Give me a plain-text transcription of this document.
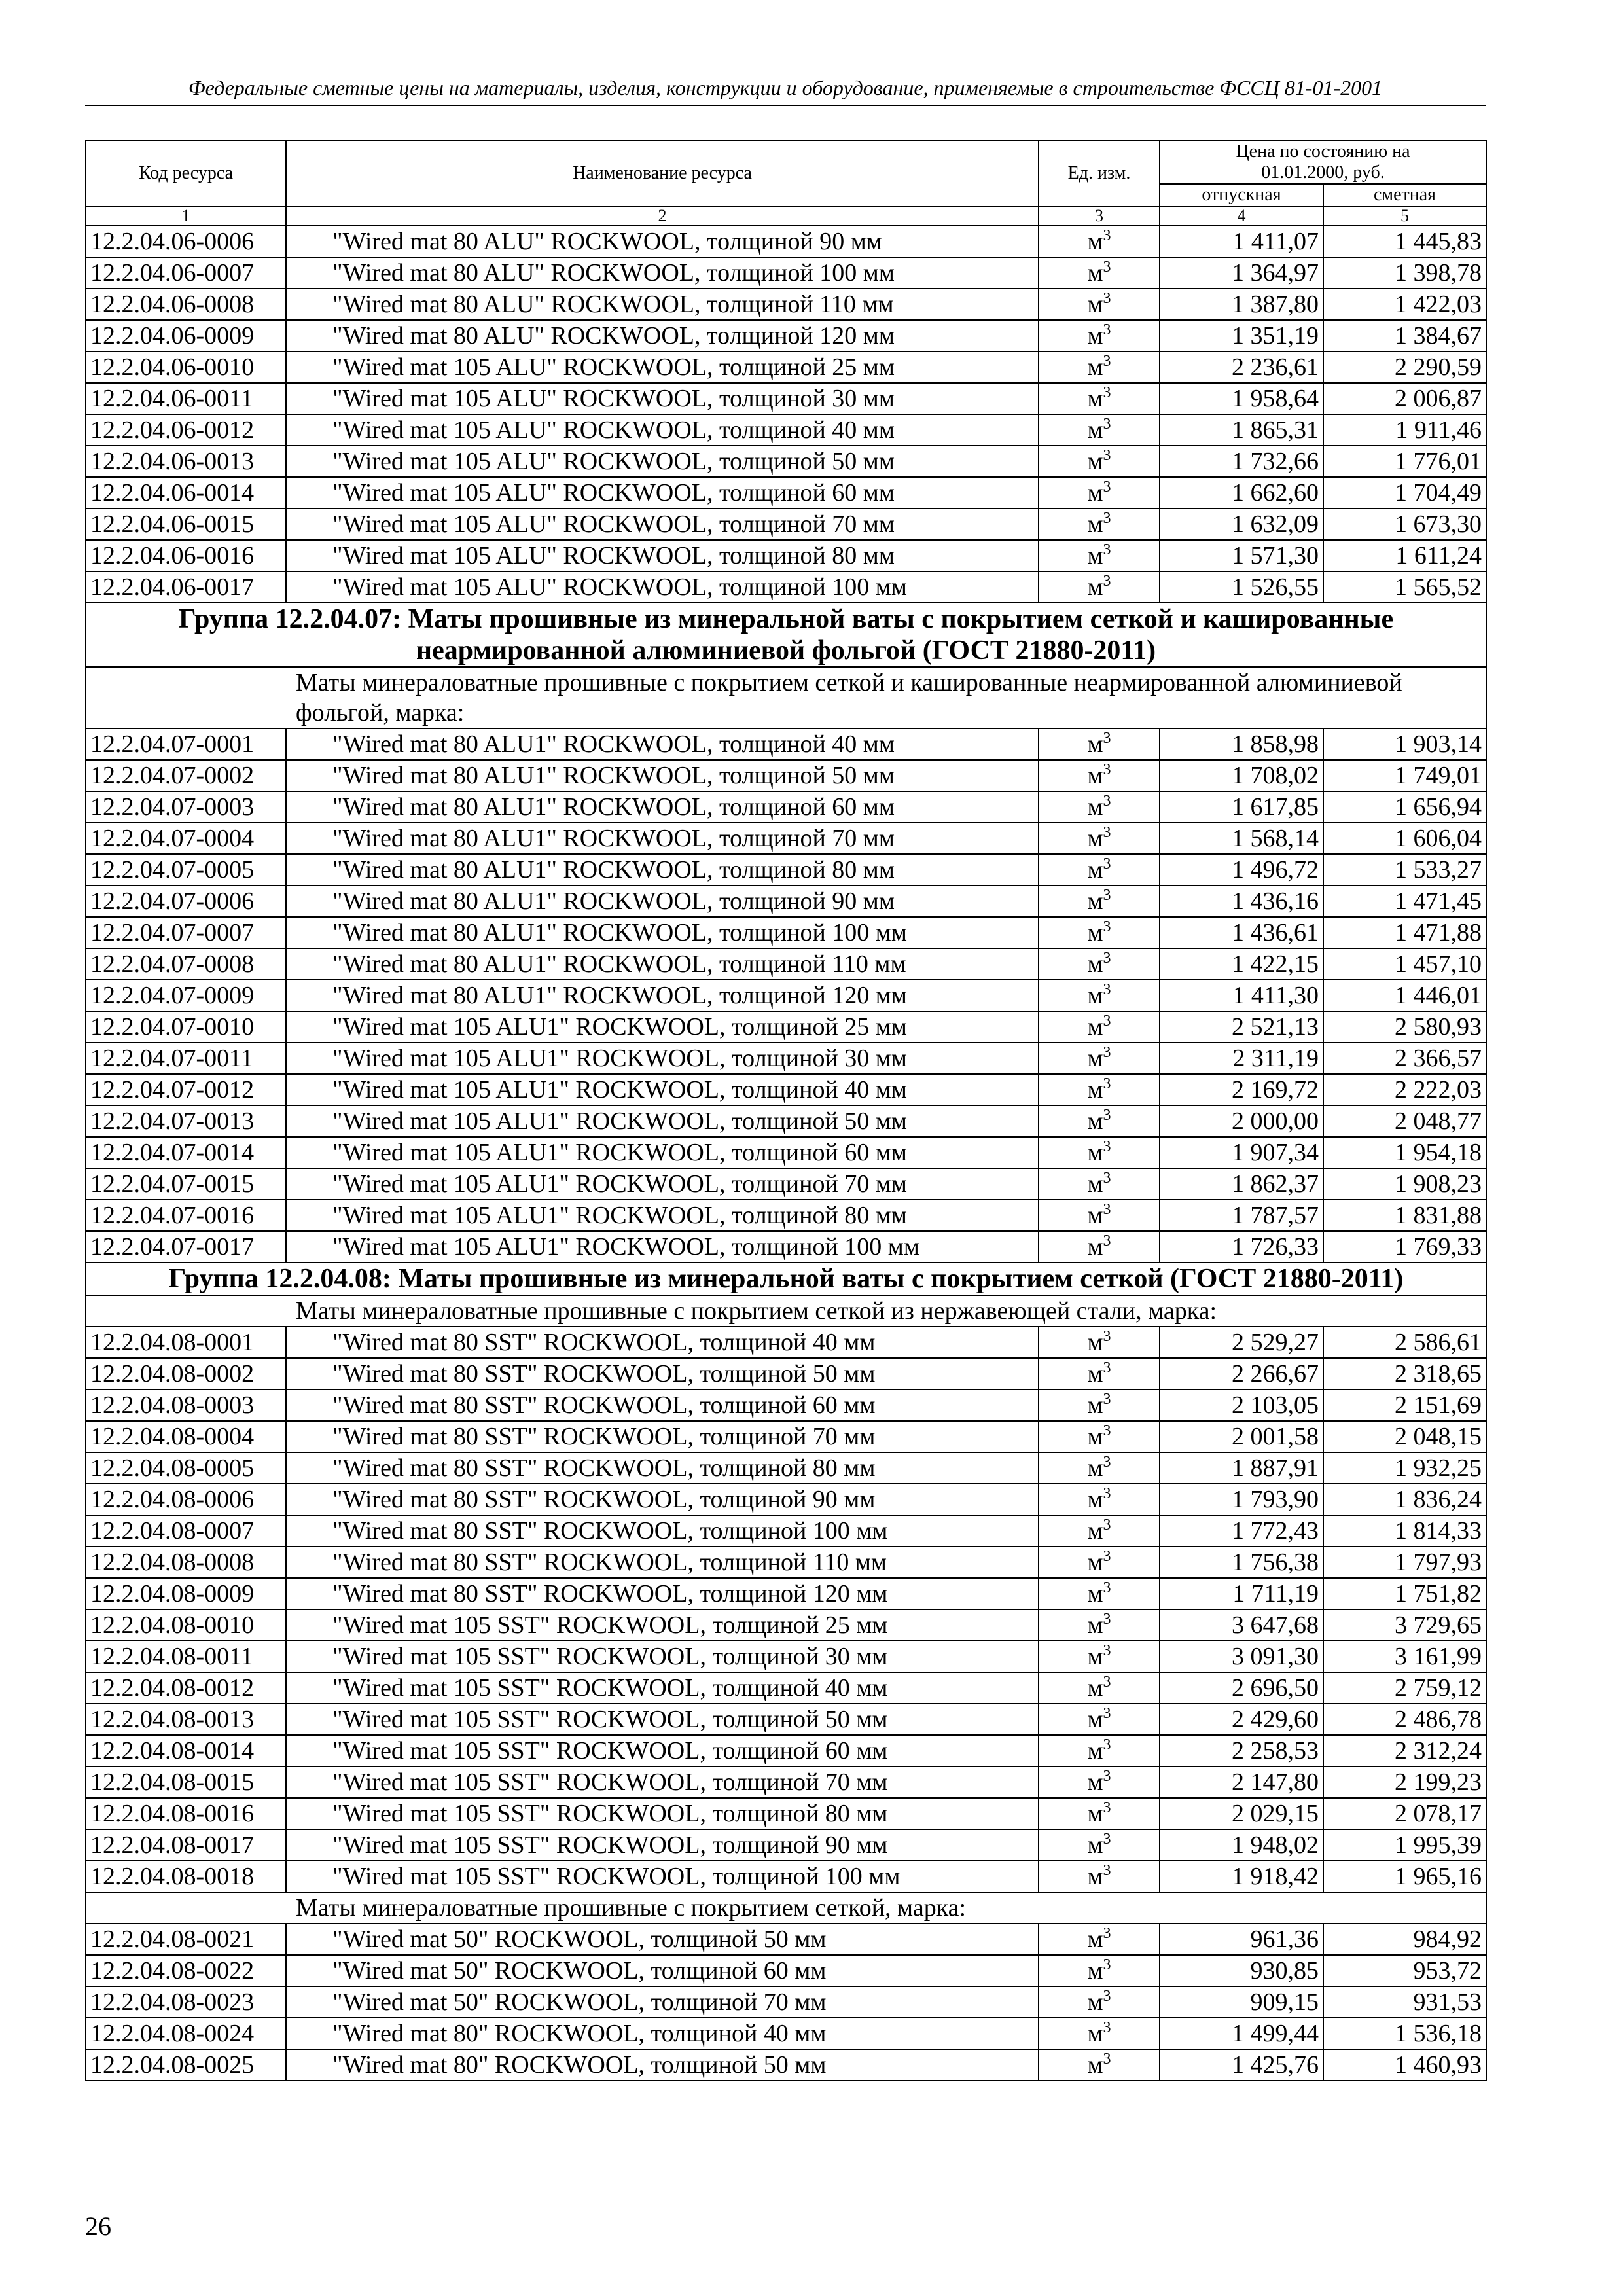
Федеральные сметные цены на материалы, изделия, конструкции и оборудование, применяемые в строительстве ФССЦ 81-01-2001
Код ресурса	Наименование ресурса	Ед. изм.	Цена по состоянию на 01.01.2000, руб.	
			отпускная	сметная
1	2	3	4	5
12.2.04.06-0006	"Wired mat 80 ALU" ROCKWOOL, толщиной 90 мм	$м^3$	1 411,07	1 445,83
12.2.04.06-0007	"Wired mat 80 ALU" ROCKWOOL, толщиной 100 мм	$м^3$	1 364,97	1 398,78
12.2.04.06-0008	"Wired mat 80 ALU" ROCKWOOL, толщиной 110 мм	$м^3$	1 387,80	1 422,03
12.2.04.06-0009	"Wired mat 80 ALU" ROCKWOOL, толщиной 120 мм	$м^3$	1 351,19	1 384,67
12.2.04.06-0010	"Wired mat 105 ALU" ROCKWOOL, толщиной 25 мм	$м^3$	2 236,61	2 290,59
12.2.04.06-0011	"Wired mat 105 ALU" ROCKWOOL, толщиной 30 мм	$м^3$	1 958,64	2 006,87
12.2.04.06-0012	"Wired mat 105 ALU" ROCKWOOL, толщиной 40 мм	$м^3$	1 865,31	1 911,46
12.2.04.06-0013	"Wired mat 105 ALU" ROCKWOOL, толщиной 50 мм	$м^3$	1 732,66	1 776,01
12.2.04.06-0014	"Wired mat 105 ALU" ROCKWOOL, толщиной 60 мм	$м^3$	1 662,60	1 704,49
12.2.04.06-0015	"Wired mat 105 ALU" ROCKWOOL, толщиной 70 мм	$м^3$	1 632,09	1 673,30
12.2.04.06-0016	"Wired mat 105 ALU" ROCKWOOL, толщиной 80 мм	$м^3$	1 571,30	1 611,24
12.2.04.06-0017	"Wired mat 105 ALU" ROCKWOOL, толщиной 100 мм	$м^3$	1 526,55	1 565,52
Группа 12.2.04.07: Маты прошивные из минеральной ваты с покрытием сеткой и кашированные неармированной алюминиевой фольгой (ГОСТ 21880-2011)				
Маты минераловатные прошивные с покрытием сеткой и кашированные неармированной алюминиевой фольгой, марка:				
12.2.04.07-0001	"Wired mat 80 ALU1" ROCKWOOL, толщиной 40 мм	$м^3$	1 858,98	1 903,14
12.2.04.07-0002	"Wired mat 80 ALU1" ROCKWOOL, толщиной 50 мм	$м^3$	1 708,02	1 749,01
12.2.04.07-0003	"Wired mat 80 ALU1" ROCKWOOL, толщиной 60 мм	$м^3$	1 617,85	1 656,94
12.2.04.07-0004	"Wired mat 80 ALU1" ROCKWOOL, толщиной 70 мм	$м^3$	1 568,14	1 606,04
12.2.04.07-0005	"Wired mat 80 ALU1" ROCKWOOL, толщиной 80 мм	$м^3$	1 496,72	1 533,27
12.2.04.07-0006	"Wired mat 80 ALU1" ROCKWOOL, толщиной 90 мм	$м^3$	1 436,16	1 471,45
12.2.04.07-0007	"Wired mat 80 ALU1" ROCKWOOL, толщиной 100 мм	$м^3$	1 436,61	1 471,88
12.2.04.07-0008	"Wired mat 80 ALU1" ROCKWOOL, толщиной 110 мм	$м^3$	1 422,15	1 457,10
12.2.04.07-0009	"Wired mat 80 ALU1" ROCKWOOL, толщиной 120 мм	$м^3$	1 411,30	1 446,01
12.2.04.07-0010	"Wired mat 105 ALU1" ROCKWOOL, толщиной 25 мм	$м^3$	2 521,13	2 580,93
12.2.04.07-0011	"Wired mat 105 ALU1" ROCKWOOL, толщиной 30 мм	$м^3$	2 311,19	2 366,57
12.2.04.07-0012	"Wired mat 105 ALU1" ROCKWOOL, толщиной 40 мм	$м^3$	2 169,72	2 222,03
12.2.04.07-0013	"Wired mat 105 ALU1" ROCKWOOL, толщиной 50 мм	$м^3$	2 000,00	2 048,77
12.2.04.07-0014	"Wired mat 105 ALU1" ROCKWOOL, толщиной 60 мм	$м^3$	1 907,34	1 954,18
12.2.04.07-0015	"Wired mat 105 ALU1" ROCKWOOL, толщиной 70 мм	$м^3$	1 862,37	1 908,23
12.2.04.07-0016	"Wired mat 105 ALU1" ROCKWOOL, толщиной 80 мм	$м^3$	1 787,57	1 831,88
12.2.04.07-0017	"Wired mat 105 ALU1" ROCKWOOL, толщиной 100 мм	$м^3$	1 726,33	1 769,33
Группа 12.2.04.08: Маты прошивные из минеральной ваты с покрытием сеткой (ГОСТ 21880-2011)				
Маты минераловатные прошивные с покрытием сеткой из нержавеющей стали, марка:				
12.2.04.08-0001	"Wired mat 80 SST" ROCKWOOL, толщиной 40 мм	$м^3$	2 529,27	2 586,61
12.2.04.08-0002	"Wired mat 80 SST" ROCKWOOL, толщиной 50 мм	$м^3$	2 266,67	2 318,65
12.2.04.08-0003	"Wired mat 80 SST" ROCKWOOL, толщиной 60 мм	$м^3$	2 103,05	2 151,69
12.2.04.08-0004	"Wired mat 80 SST" ROCKWOOL, толщиной 70 мм	$м^3$	2 001,58	2 048,15
12.2.04.08-0005	"Wired mat 80 SST" ROCKWOOL, толщиной 80 мм	$м^3$	1 887,91	1 932,25
12.2.04.08-0006	"Wired mat 80 SST" ROCKWOOL, толщиной 90 мм	$м^3$	1 793,90	1 836,24
12.2.04.08-0007	"Wired mat 80 SST" ROCKWOOL, толщиной 100 мм	$м^3$	1 772,43	1 814,33
12.2.04.08-0008	"Wired mat 80 SST" ROCKWOOL, толщиной 110 мм	$м^3$	1 756,38	1 797,93
12.2.04.08-0009	"Wired mat 80 SST" ROCKWOOL, толщиной 120 мм	$м^3$	1 711,19	1 751,82
12.2.04.08-0010	"Wired mat 105 SST" ROCKWOOL, толщиной 25 мм	$м^3$	3 647,68	3 729,65
12.2.04.08-0011	"Wired mat 105 SST" ROCKWOOL, толщиной 30 мм	$м^3$	3 091,30	3 161,99
12.2.04.08-0012	"Wired mat 105 SST" ROCKWOOL, толщиной 40 мм	$м^3$	2 696,50	2 759,12
12.2.04.08-0013	"Wired mat 105 SST" ROCKWOOL, толщиной 50 мм	$м^3$	2 429,60	2 486,78
12.2.04.08-0014	"Wired mat 105 SST" ROCKWOOL, толщиной 60 мм	$м^3$	2 258,53	2 312,24
12.2.04.08-0015	"Wired mat 105 SST" ROCKWOOL, толщиной 70 мм	$м^3$	2 147,80	2 199,23
12.2.04.08-0016	"Wired mat 105 SST" ROCKWOOL, толщиной 80 мм	$м^3$	2 029,15	2 078,17
12.2.04.08-0017	"Wired mat 105 SST" ROCKWOOL, толщиной 90 мм	$м^3$	1 948,02	1 995,39
12.2.04.08-0018	"Wired mat 105 SST" ROCKWOOL, толщиной 100 мм	$м^3$	1 918,42	1 965,16
Маты минераловатные прошивные с покрытием сеткой, марка:				
12.2.04.08-0021	"Wired mat 50" ROCKWOOL, толщиной 50 мм	$м^3$	961,36	984,92
12.2.04.08-0022	"Wired mat 50" ROCKWOOL, толщиной 60 мм	$м^3$	930,85	953,72
12.2.04.08-0023	"Wired mat 50" ROCKWOOL, толщиной 70 мм	$м^3$	909,15	931,53
12.2.04.08-0024	"Wired mat 80" ROCKWOOL, толщиной 40 мм	$м^3$	1 499,44	1 536,18
12.2.04.08-0025	"Wired mat 80" ROCKWOOL, толщиной 50 мм	$м^3$	1 425,76	1 460,93
26
